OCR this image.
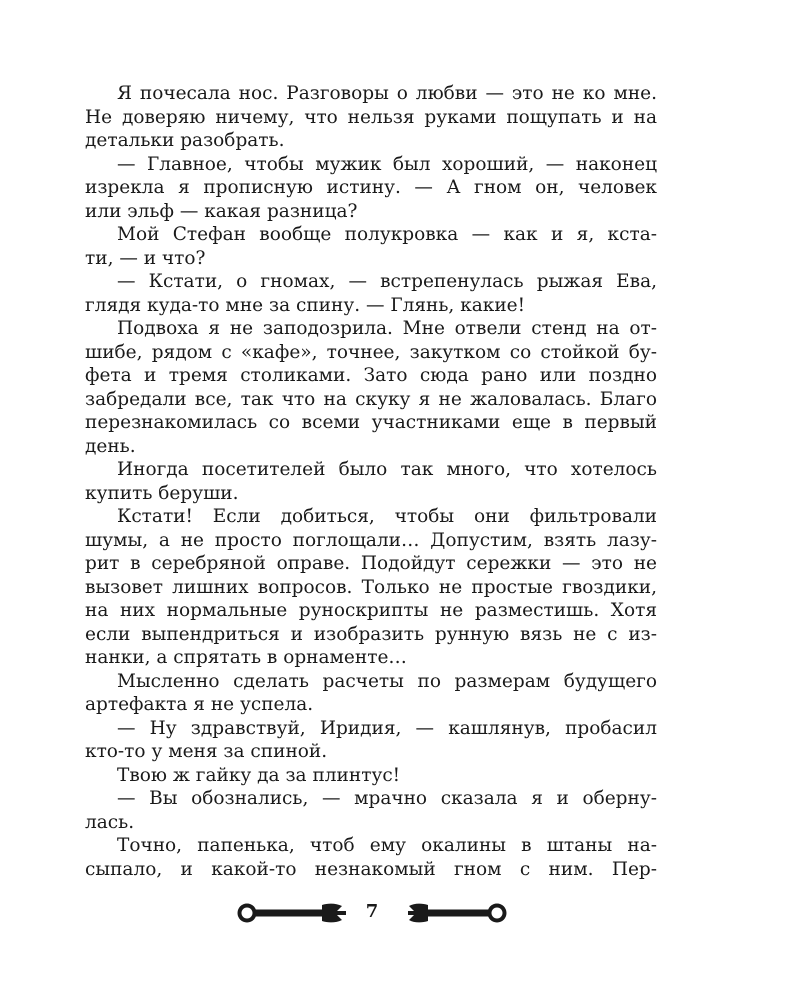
Я почесала нос. Разговоры о любви — это не ко мне.
Не доверяю ничему, что нельзя руками пощупать и на
детальки разобрать.
— Главное, чтобы мужик был хороший, — наконец
изрекла я прописную истину. — А гном он, человек
или эльф — какая разница?
Мой Стефан вообще полукровка — как и я, кста-
ти, — и что?
— Кстати, о гномах, — встрепенулась рыжая Ева,
глядя куда-то мне за спину. — Глянь, какие!
Подвоха я не заподозрила. Мне отвели стенд на от-
шибе, рядом с «кафе», точнее, закутком со стойкой бу-
фета и тремя столиками. Зато сюда рано или поздно
забредали все, так что на скуку я не жаловалась. Благо
перезнакомилась со всеми участниками еще в первый
день.
Иногда посетителей было так много, что хотелось
купить беруши.
Кстати! Если добиться, чтобы они фильтровали
шумы, а не просто поглощали… Допустим, взять лазу-
рит в серебряной оправе. Подойдут сережки — это не
вызовет лишних вопросов. Только не простые гвоздики,
на них нормальные руноскрипты не разместишь. Хотя
если выпендриться и изобразить рунную вязь не с из-
нанки, а спрятать в орнаменте…
Мысленно сделать расчеты по размерам будущего
артефакта я не успела.
— Ну здравствуй, Иридия, — кашлянув, пробасил
кто-то у меня за спиной.
Твою ж гайку да за плинтус!
— Вы обознались, — мрачно сказала я и оберну-
лась.
Точно, папенька, чтоб ему окалины в штаны на-
сыпало, и какой-то незнакомый гном с ним. Пер-
7
